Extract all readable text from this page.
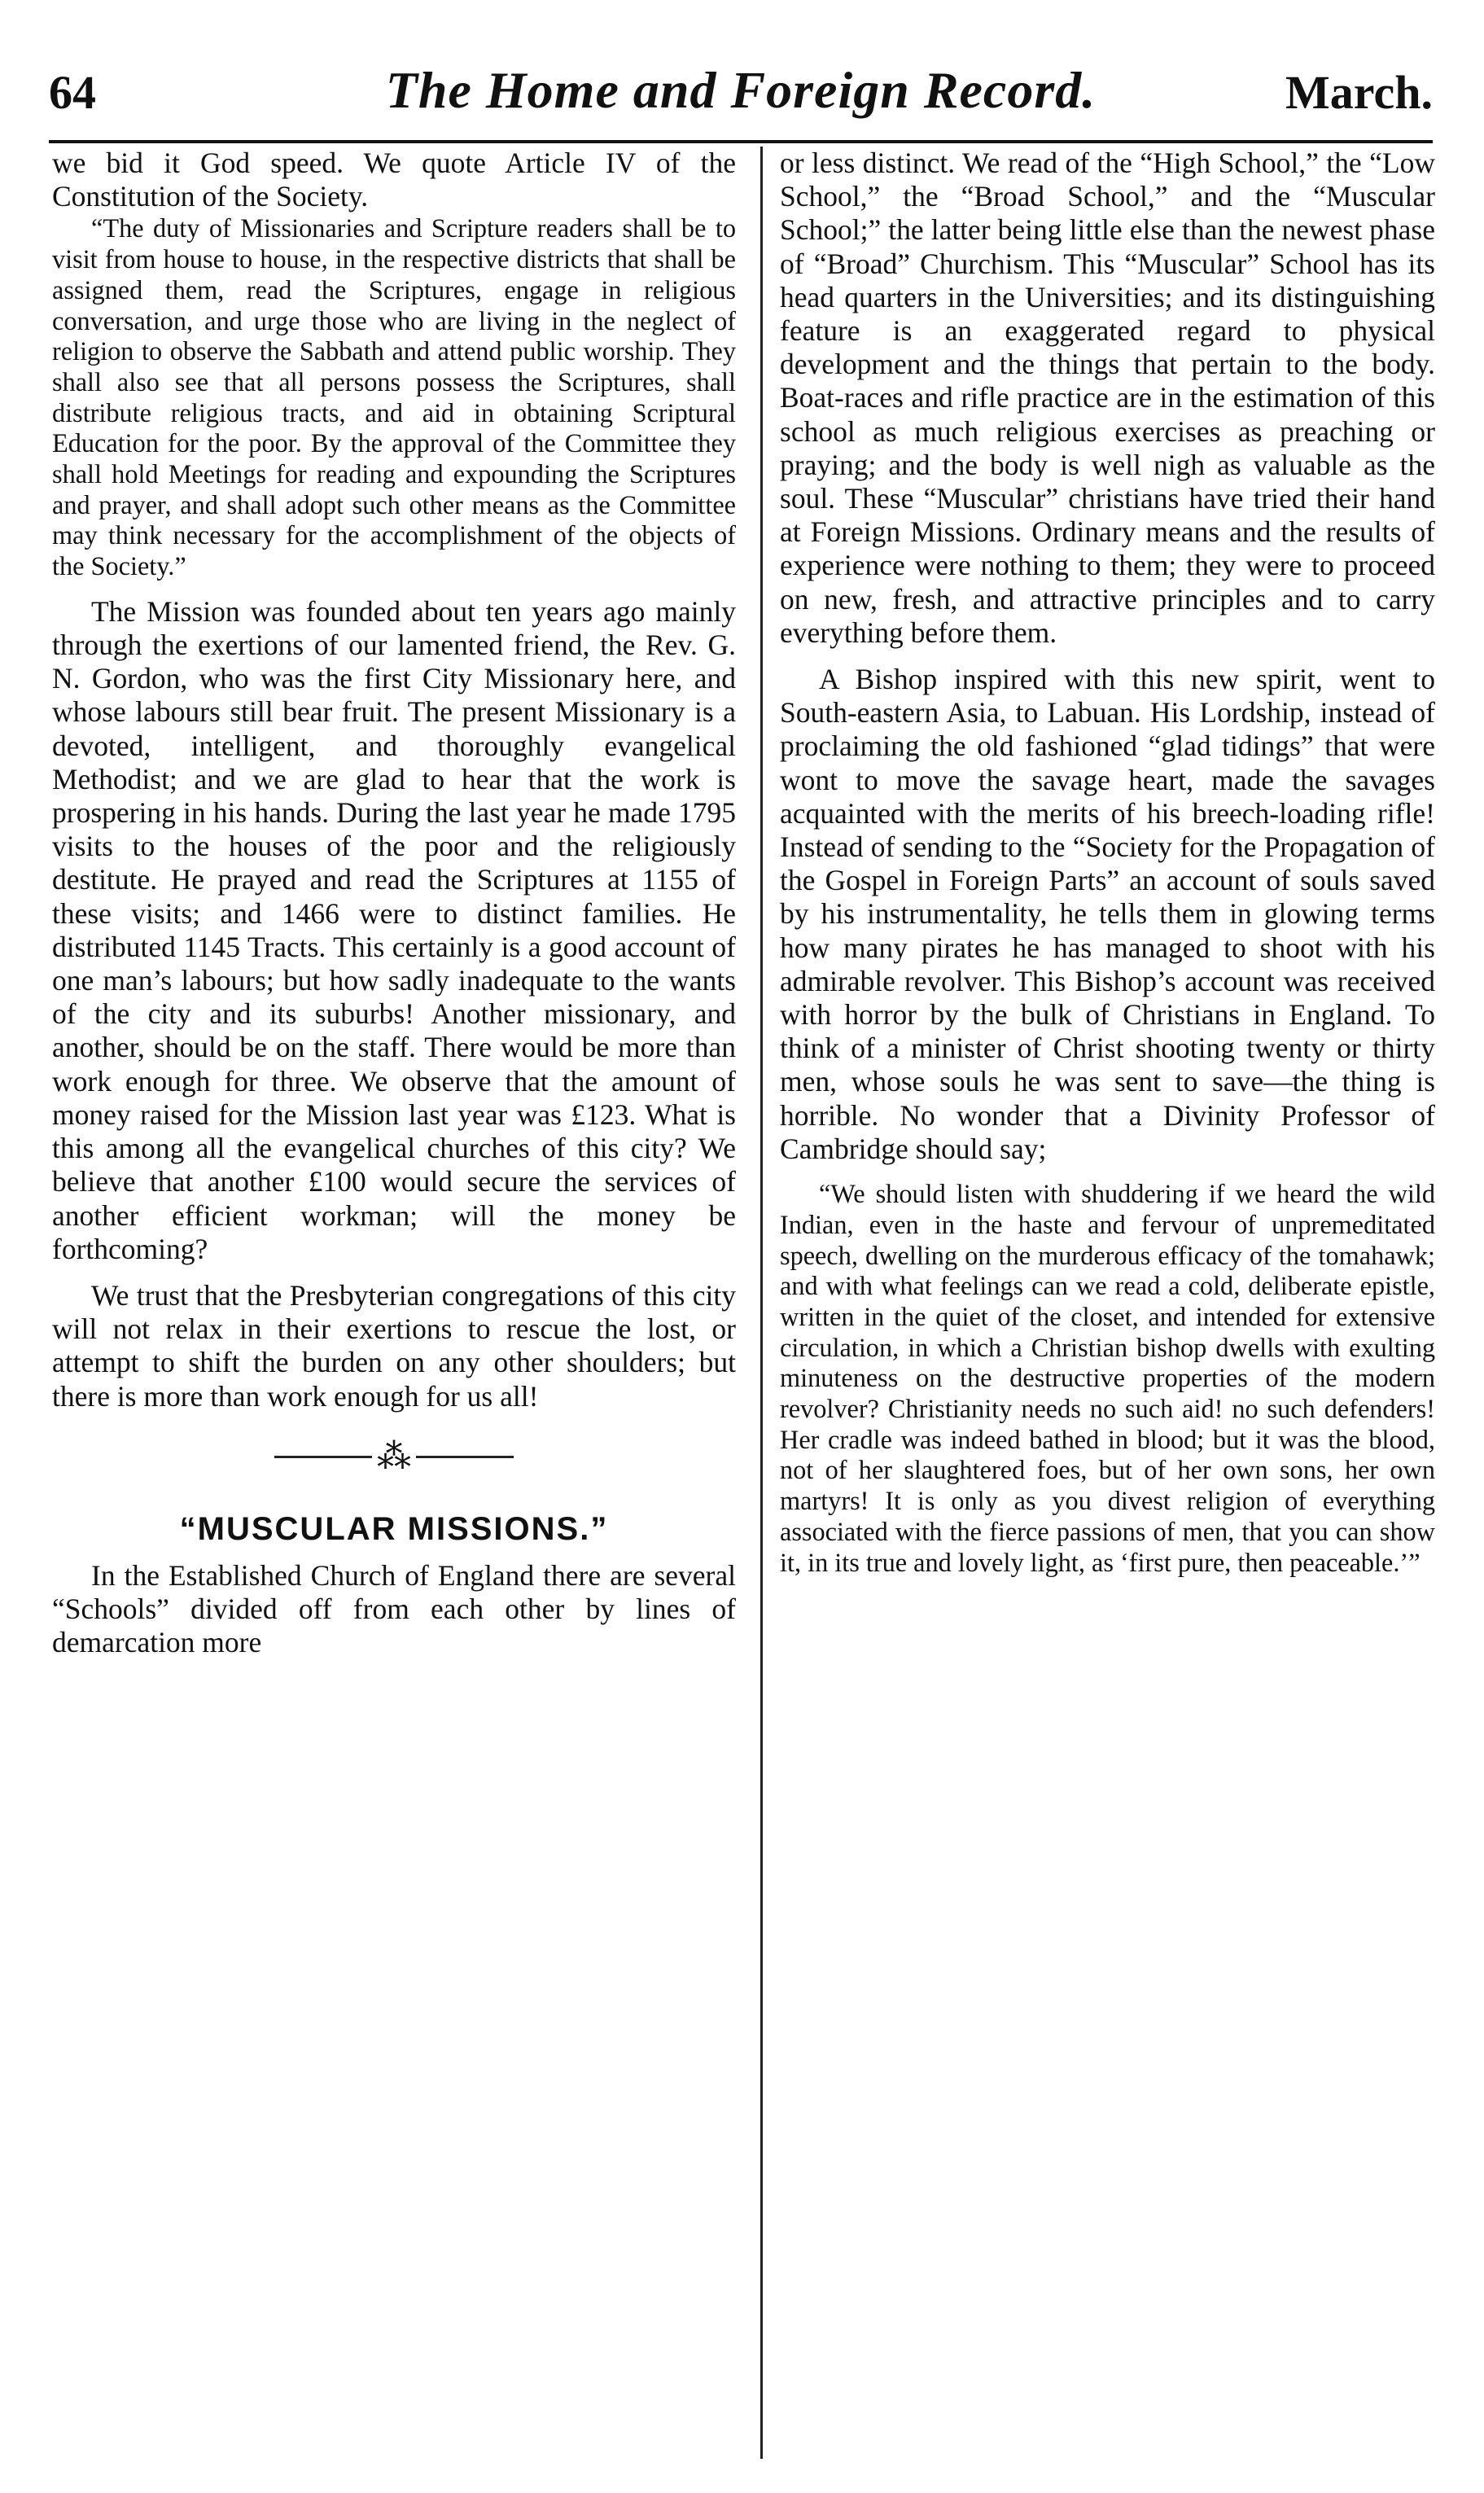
64	The Home and Foreign Record.	March.

we bid it God speed. We quote Article IV of the Constitution of the Society.

“The duty of Missionaries and Scripture readers shall be to visit from house to house, in the respective districts that shall be assigned them, read the Scriptures, engage in religious conversation, and urge those who are living in the neglect of religion to observe the Sabbath and attend public worship. They shall also see that all persons possess the Scriptures, shall distribute religious tracts, and aid in obtaining Scriptural Education for the poor. By the approval of the Committee they shall hold Meetings for reading and expounding the Scriptures and prayer, and shall adopt such other means as the Committee may think necessary for the accomplishment of the objects of the Society.”

The Mission was founded about ten years ago mainly through the exertions of our lamented friend, the Rev. G. N. Gordon, who was the first City Missionary here, and whose labours still bear fruit. The present Missionary is a devoted, intelligent, and thoroughly evangelical Methodist; and we are glad to hear that the work is prospering in his hands. During the last year he made 1795 visits to the houses of the poor and the religiously destitute. He prayed and read the Scriptures at 1155 of these visits; and 1466 were to distinct families. He distributed 1145 Tracts. This certainly is a good account of one man’s labours; but how sadly inadequate to the wants of the city and its suburbs! Another missionary, and another, should be on the staff. There would be more than work enough for three. We observe that the amount of money raised for the Mission last year was £123. What is this among all the evangelical churches of this city? We believe that another £100 would secure the services of another efficient workman; will the money be forthcoming?

We trust that the Presbyterian congregations of this city will not relax in their exertions to rescue the lost, or attempt to shift the burden on any other shoulders; but there is more than work enough for us all!

⁂
“MUSCULAR MISSIONS.”

In the Established Church of England there are several “Schools” divided off from each other by lines of demarcation more

or less distinct. We read of the “High School,” the “Low School,” the “Broad School,” and the “Muscular School;” the latter being little else than the newest phase of “Broad” Churchism. This “Muscular” School has its head quarters in the Universities; and its distinguishing feature is an exaggerated regard to physical development and the things that pertain to the body. Boat-races and rifle practice are in the estimation of this school as much religious exercises as preaching or praying; and the body is well nigh as valuable as the soul. These “Muscular” christians have tried their hand at Foreign Missions. Ordinary means and the results of experience were nothing to them; they were to proceed on new, fresh, and attractive principles and to carry everything before them.

A Bishop inspired with this new spirit, went to South-eastern Asia, to Labuan. His Lordship, instead of proclaiming the old fashioned “glad tidings” that were wont to move the savage heart, made the savages acquainted with the merits of his breech-loading rifle! Instead of sending to the “Society for the Propagation of the Gospel in Foreign Parts” an account of souls saved by his instrumentality, he tells them in glowing terms how many pirates he has managed to shoot with his admirable revolver. This Bishop’s account was received with horror by the bulk of Christians in England. To think of a minister of Christ shooting twenty or thirty men, whose souls he was sent to save—the thing is horrible. No wonder that a Divinity Professor of Cambridge should say;

“We should listen with shuddering if we heard the wild Indian, even in the haste and fervour of unpremeditated speech, dwelling on the murderous efficacy of the tomahawk; and with what feelings can we read a cold, deliberate epistle, written in the quiet of the closet, and intended for extensive circulation, in which a Christian bishop dwells with exulting minuteness on the destructive properties of the modern revolver? Christianity needs no such aid! no such defenders! Her cradle was indeed bathed in blood; but it was the blood, not of her slaughtered foes, but of her own sons, her own martyrs! It is only as you divest religion of everything associated with the fierce passions of men, that you can show it, in its true and lovely light, as ‘first pure, then peaceable.’”
